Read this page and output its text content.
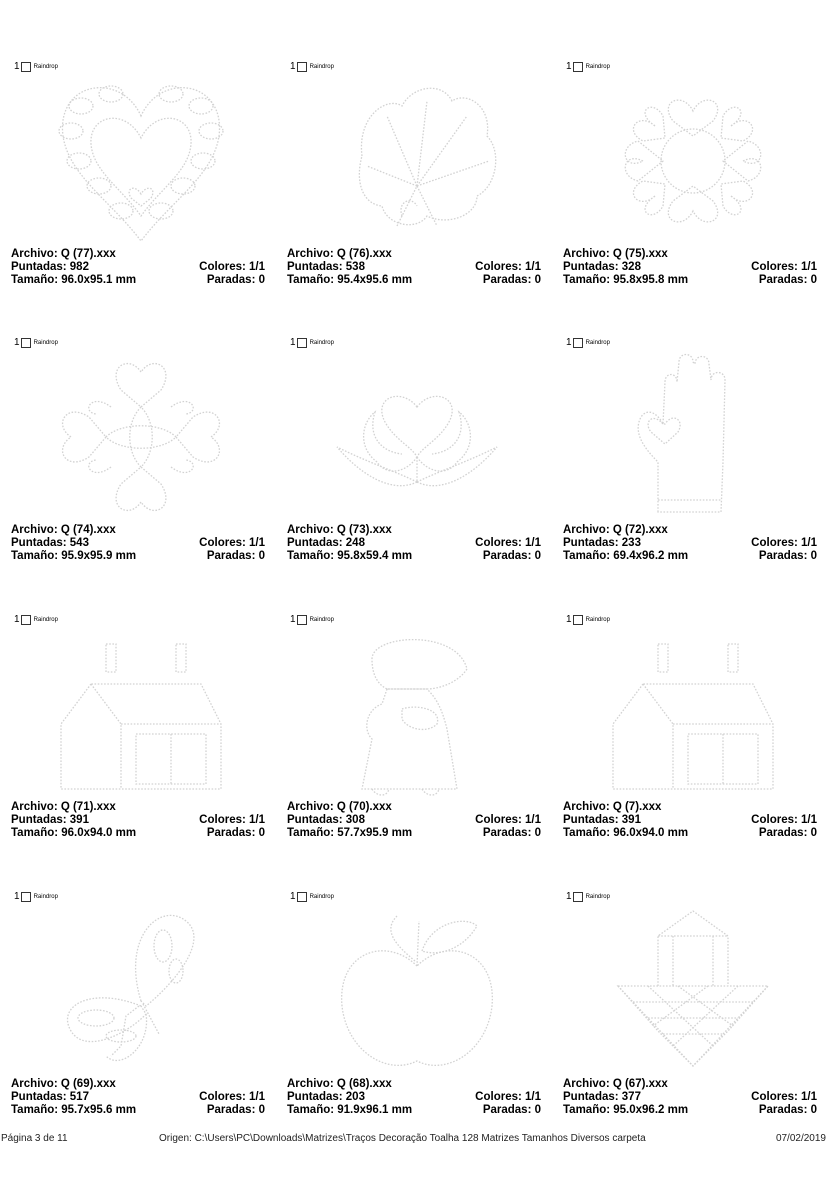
1 Raindrop
Archivo: Q (77).xxx
Puntadas: 982	Colores: 1/1
Tamaño: 96.0x95.1 mm	Paradas: 0
1 Raindrop
Archivo: Q (76).xxx
Puntadas: 538	Colores: 1/1
Tamaño: 95.4x95.6 mm	Paradas: 0
1 Raindrop
Archivo: Q (75).xxx
Puntadas: 328	Colores: 1/1
Tamaño: 95.8x95.8 mm	Paradas: 0
1 Raindrop
Archivo: Q (74).xxx
Puntadas: 543	Colores: 1/1
Tamaño: 95.9x95.9 mm	Paradas: 0
1 Raindrop
Archivo: Q (73).xxx
Puntadas: 248	Colores: 1/1
Tamaño: 95.8x59.4 mm	Paradas: 0
1 Raindrop
Archivo: Q (72).xxx
Puntadas: 233	Colores: 1/1
Tamaño: 69.4x96.2 mm	Paradas: 0
1 Raindrop
Archivo: Q (71).xxx
Puntadas: 391	Colores: 1/1
Tamaño: 96.0x94.0 mm	Paradas: 0
1 Raindrop
Archivo: Q (70).xxx
Puntadas: 308	Colores: 1/1
Tamaño: 57.7x95.9 mm	Paradas: 0
1 Raindrop
Archivo: Q (7).xxx
Puntadas: 391	Colores: 1/1
Tamaño: 96.0x94.0 mm	Paradas: 0
1 Raindrop
Archivo: Q (69).xxx
Puntadas: 517	Colores: 1/1
Tamaño: 95.7x95.6 mm	Paradas: 0
1 Raindrop
Archivo: Q (68).xxx
Puntadas: 203	Colores: 1/1
Tamaño: 91.9x96.1 mm	Paradas: 0
1 Raindrop
Archivo: Q (67).xxx
Puntadas: 377	Colores: 1/1
Tamaño: 95.0x96.2 mm	Paradas: 0
Página 3 de 11	Origen: C:\Users\PC\Downloads\Matrizes\Traços Decoração Toalha 128 Matrizes Tamanhos Diversos carpeta	07/02/2019
